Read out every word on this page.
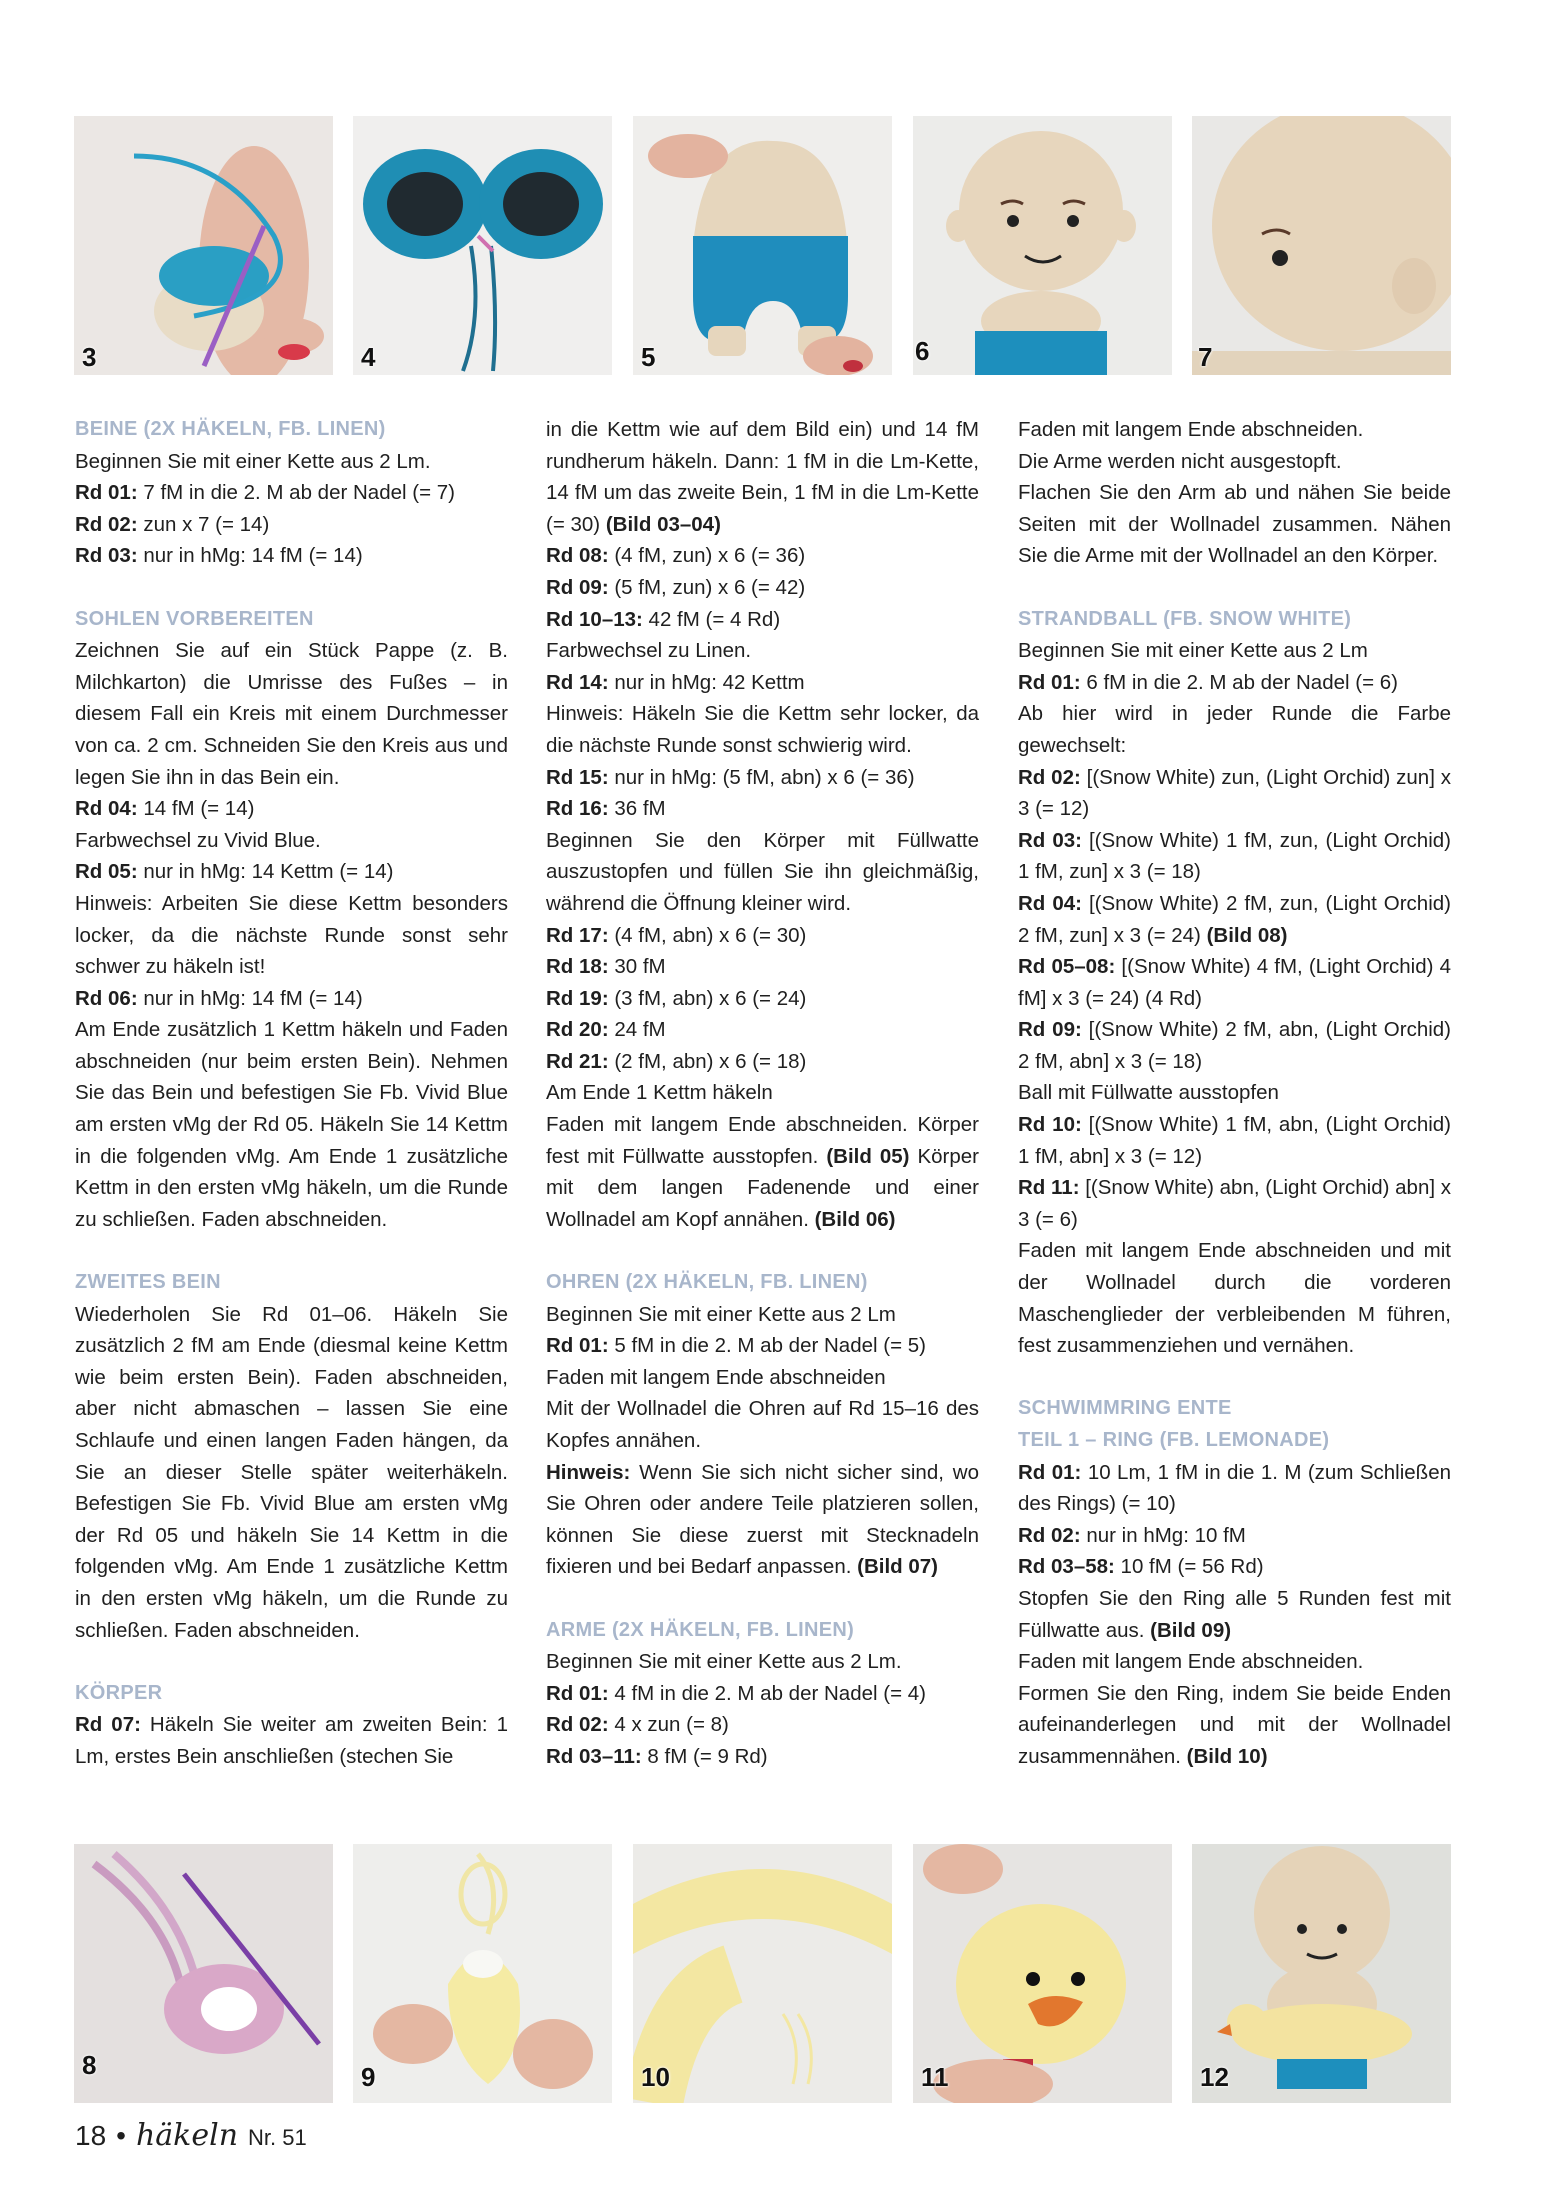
3	4	5	6	7
BEINE (2X HÄKELN, FB. LINEN)

Beginnen Sie mit einer Kette aus 2 Lm.

Rd 01: 7 fM in die 2. M ab der Nadel (= 7)

Rd 02: zun x 7 (= 14)

Rd 03: nur in hMg: 14 fM (= 14)

SOHLEN VORBEREITEN

Zeichnen Sie auf ein Stück Pappe (z. B. Milchkarton) die Umrisse des Fußes – in diesem Fall ein Kreis mit einem Durchmesser von ca. 2 cm. Schneiden Sie den Kreis aus und legen Sie ihn in das Bein ein.

Rd 04: 14 fM (= 14)

Farbwechsel zu Vivid Blue.

Rd 05: nur in hMg: 14 Kettm (= 14)

Hinweis: Arbeiten Sie diese Kettm besonders locker, da die nächste Runde sonst sehr schwer zu häkeln ist!

Rd 06: nur in hMg: 14 fM (= 14)

Am Ende zusätzlich 1 Kettm häkeln und Faden abschneiden (nur beim ersten Bein). Nehmen Sie das Bein und befestigen Sie Fb. Vivid Blue am ersten vMg der Rd 05. Häkeln Sie 14 Kettm in die folgenden vMg. Am Ende 1 zusätzliche Kettm in den ersten vMg häkeln, um die Runde zu schließen. Faden abschneiden.

ZWEITES BEIN

Wiederholen Sie Rd 01–06. Häkeln Sie zusätzlich 2 fM am Ende (diesmal keine Kettm wie beim ersten Bein). Faden abschneiden, aber nicht abmaschen – lassen Sie eine Schlaufe und einen langen Faden hängen, da Sie an dieser Stelle später weiterhäkeln. Befestigen Sie Fb. Vivid Blue am ersten vMg der Rd 05 und häkeln Sie 14 Kettm in die folgenden vMg. Am Ende 1 zusätzliche Kettm in den ersten vMg häkeln, um die Runde zu schließen. Faden abschneiden.

KÖRPER

Rd 07: Häkeln Sie weiter am zweiten Bein: 1 Lm, erstes Bein anschließen (stechen Sie

in die Kettm wie auf dem Bild ein) und 14 fM rundherum häkeln. Dann: 1 fM in die Lm-Kette, 14 fM um das zweite Bein, 1 fM in die Lm-Kette (= 30) (Bild 03–04)

Rd 08: (4 fM, zun) x 6 (= 36)

Rd 09: (5 fM, zun) x 6 (= 42)

Rd 10–13: 42 fM (= 4 Rd)

Farbwechsel zu Linen.

Rd 14: nur in hMg: 42 Kettm

Hinweis: Häkeln Sie die Kettm sehr locker, da die nächste Runde sonst schwierig wird.

Rd 15: nur in hMg: (5 fM, abn) x 6 (= 36)

Rd 16: 36 fM

Beginnen Sie den Körper mit Füllwatte auszustopfen und füllen Sie ihn gleichmäßig, während die Öffnung kleiner wird.

Rd 17: (4 fM, abn) x 6 (= 30)

Rd 18: 30 fM

Rd 19: (3 fM, abn) x 6 (= 24)

Rd 20: 24 fM

Rd 21: (2 fM, abn) x 6 (= 18)

Am Ende 1 Kettm häkeln

Faden mit langem Ende abschneiden. Körper fest mit Füllwatte ausstopfen. (Bild 05) Körper mit dem langen Fadenende und einer Wollnadel am Kopf annähen. (Bild 06)

OHREN (2X HÄKELN, FB. LINEN)

Beginnen Sie mit einer Kette aus 2 Lm

Rd 01: 5 fM in die 2. M ab der Nadel (= 5)

Faden mit langem Ende abschneiden

Mit der Wollnadel die Ohren auf Rd 15–16 des Kopfes annähen.

Hinweis: Wenn Sie sich nicht sicher sind, wo Sie Ohren oder andere Teile platzieren sollen, können Sie diese zuerst mit Stecknadeln fixieren und bei Bedarf anpassen. (Bild 07)

ARME (2X HÄKELN, FB. LINEN)

Beginnen Sie mit einer Kette aus 2 Lm.

Rd 01: 4 fM in die 2. M ab der Nadel (= 4)

Rd 02: 4 x zun (= 8)

Rd 03–11: 8 fM (= 9 Rd)

Faden mit langem Ende abschneiden.

Die Arme werden nicht ausgestopft.

Flachen Sie den Arm ab und nähen Sie beide Seiten mit der Wollnadel zusammen. Nähen Sie die Arme mit der Wollnadel an den Körper.

STRANDBALL (FB. SNOW WHITE)

Beginnen Sie mit einer Kette aus 2 Lm

Rd 01: 6 fM in die 2. M ab der Nadel (= 6)

Ab hier wird in jeder Runde die Farbe gewechselt:

Rd 02: [(Snow White) zun, (Light Orchid) zun] x 3 (= 12)

Rd 03: [(Snow White) 1 fM, zun, (Light Orchid) 1 fM, zun] x 3 (= 18)

Rd 04: [(Snow White) 2 fM, zun, (Light Orchid) 2 fM, zun] x 3 (= 24) (Bild 08)

Rd 05–08: [(Snow White) 4 fM, (Light Orchid) 4 fM] x 3 (= 24) (4 Rd)

Rd 09: [(Snow White) 2 fM, abn, (Light Orchid) 2 fM, abn] x 3 (= 18)

Ball mit Füllwatte ausstopfen

Rd 10: [(Snow White) 1 fM, abn, (Light Orchid) 1 fM, abn] x 3 (= 12)

Rd 11: [(Snow White) abn, (Light Orchid) abn] x 3 (= 6)

Faden mit langem Ende abschneiden und mit der Wollnadel durch die vorderen Maschenglieder der verbleibenden M führen, fest zusammenziehen und vernähen.

SCHWIMMRING ENTE
TEIL 1 – RING (FB. LEMONADE)

Rd 01: 10 Lm, 1 fM in die 1. M (zum Schließen des Rings) (= 10)

Rd 02: nur in hMg: 10 fM

Rd 03–58: 10 fM (= 56 Rd)

Stopfen Sie den Ring alle 5 Runden fest mit Füllwatte aus. (Bild 09)

Faden mit langem Ende abschneiden.

Formen Sie den Ring, indem Sie beide Enden aufeinanderlegen und mit der Wollnadel zusammennähen. (Bild 10)

8	9	10	11	12
18 • häkeln Nr. 51
